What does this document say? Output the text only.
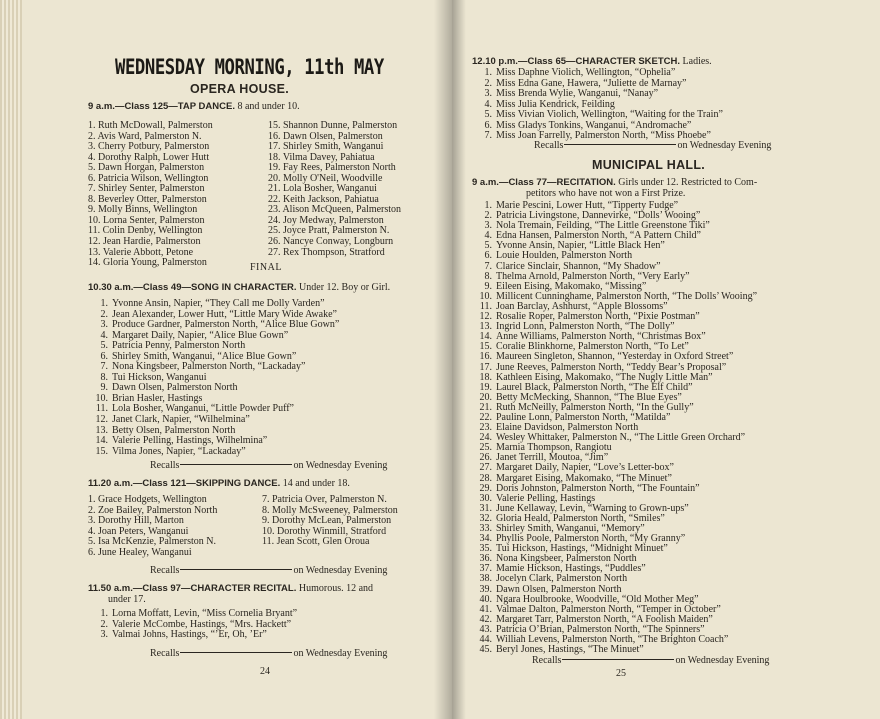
WEDNESDAY MORNING, 11th MAY
OPERA HOUSE.
9 a.m.—Class 125—TAP DANCE. 8 and under 10.
1. Ruth McDowall, Palmerston
2. Avis Ward, Palmerston N.
3. Cherry Potbury, Palmerston
4. Dorothy Ralph, Lower Hutt
5. Dawn Horgan, Palmerston
6. Patricia Wilson, Wellington
7. Shirley Senter, Palmerston
8. Beverley Otter, Palmerston
9. Molly Binns, Wellington
10. Lorna Senter, Palmerston
11. Colin Denby, Wellington
12. Jean Hardie, Palmerston
13. Valerie Abbott, Petone
14. Gloria Young, Palmerston
15. Shannon Dunne, Palmerston
16. Dawn Olsen, Palmerston
17. Shirley Smith, Wanganui
18. Vilma Davey, Pahiatua
19. Fay Rees, Palmerston North
20. Molly O'Neil, Woodville
21. Lola Bosher, Wanganui
22. Keith Jackson, Pahiatua
23. Alison McQueen, Palmerston
24. Joy Medway, Palmerston
25. Joyce Pratt, Palmerston N.
26. Nancye Conway, Longburn
27. Rex Thompson, Stratford
FINAL
10.30 a.m.—Class 49—SONG IN CHARACTER. Under 12. Boy or Girl.
1. Yvonne Ansin, Napier, “They Call me Dolly Varden”
2. Jean Alexander, Lower Hutt, “Little Mary Wide Awake”
3. Produce Gardner, Palmerston North, “Alice Blue Gown”
4. Margaret Daily, Napier, “Alice Blue Gown”
5. Patricia Penny, Palmerston North
6. Shirley Smith, Wanganui, “Alice Blue Gown”
7. Nona Kingsbeer, Palmerston North, “Lackaday”
8. Tui Hickson, Wanganui
9. Dawn Olsen, Palmerston North
10. Brian Hasler, Hastings
11. Lola Bosher, Wanganui, “Little Powder Puff”
12. Janet Clark, Napier, “Wilhelmina”
13. Betty Olsen, Palmerston North
14. Valerie Pelling, Hastings, Wilhelmina”
15. Vilma Jones, Napier, “Lackaday”
Recalls	on Wednesday Evening
11.20 a.m.—Class 121—SKIPPING DANCE. 14 and under 18.
1. Grace Hodgets, Wellington
2. Zoe Bailey, Palmerston North
3. Dorothy Hill, Marton
4. Joan Peters, Wanganui
5. Isa McKenzie, Palmerston N.
6. June Healey, Wanganui
7. Patricia Over, Palmerston N.
8. Molly McSweeney, Palmerston
9. Dorothy McLean, Palmerston
10. Dorothy Winmill, Stratford
11. Jean Scott, Glen Oroua
Recalls	on Wednesday Evening
11.50 a.m.—Class 97—CHARACTER RECITAL. Humorous. 12 and
under 17.
1. Lorna Moffatt, Levin, “Miss Cornelia Bryant”
2. Valerie McCombe, Hastings, “Mrs. Hackett”
3. Valmai Johns, Hastings, “’Er, Oh, ’Er”
Recalls	on Wednesday Evening
24
12.10 p.m.—Class 65—CHARACTER SKETCH. Ladies.
1. Miss Daphne Violich, Wellington, “Ophelia”
2. Miss Edna Gane, Hawera, “Juliette de Marnay”
3. Miss Brenda Wylie, Wanganui, “Nanay”
4. Miss Julia Kendrick, Feilding
5. Miss Vivian Violich, Wellington, “Waiting for the Train”
6. Miss Gladys Tonkins, Wanganui, “Andromache”
7. Miss Joan Farrelly, Palmerston North, “Miss Phoebe”
Recalls	on Wednesday Evening
MUNICIPAL HALL.
9 a.m.—Class 77—RECITATION. Girls under 12. Restricted to Com-
petitors who have not won a First Prize.
1. Marie Pescini, Lower Hutt, “Tipperty Fudge”
2. Patricia Livingstone, Dannevirke, “Dolls’ Wooing”
3. Nola Tremain, Feilding, “The Little Greenstone Tiki”
4. Edna Hansen, Palmerston North, “A Pattern Child”
5. Yvonne Ansin, Napier, “Little Black Hen”
6. Louie Houlden, Palmerston North
7. Clarice Sinclair, Shannon, “My Shadow”
8. Thelma Arnold, Palmerston North, “Very Early”
9. Eileen Eising, Makomako, “Missing”
10. Millicent Cunninghame, Palmerston North, “The Dolls’ Wooing”
11. Joan Barclay, Ashhurst, “Apple Blossoms”
12. Rosalie Roper, Palmerston North, “Pixie Postman”
13. Ingrid Lonn, Palmerston North, “The Dolly”
14. Anne Williams, Palmerston North, “Christmas Box”
15. Coralie Blinkhorne, Palmerston North, “To Let”
16. Maureen Singleton, Shannon, “Yesterday in Oxford Street”
17. June Reeves, Palmerston North, “Teddy Bear’s Proposal”
18. Kathleen Eising, Makomako, “The Nugly Little Man”
19. Laurel Black, Palmerston North, “The Elf Child”
20. Betty McMecking, Shannon, “The Blue Eyes”
21. Ruth McNeilly, Palmerston North, “In the Gully”
22. Pauline Lonn, Palmerston North, “Matilda”
23. Elaine Davidson, Palmerston North
24. Wesley Whittaker, Palmerston N., “The Little Green Orchard”
25. Marnia Thompson, Rangiotu
26. Janet Terrill, Moutoa, “Jim”
27. Margaret Daily, Napier, “Love’s Letter-box”
28. Margaret Eising, Makomako, “The Minuet”
29. Doris Johnston, Palmerston North, “The Fountain”
30. Valerie Pelling, Hastings
31. June Kellaway, Levin, “Warning to Grown-ups”
32. Gloria Heald, Palmerston North, “Smiles”
33. Shirley Smith, Wanganui, “Memory”
34. Phyllis Poole, Palmerston North, “My Granny”
35. Tui Hickson, Hastings, “Midnight Minuet”
36. Nona Kingsbeer, Palmerston North
37. Mamie Hickson, Hastings, “Puddles”
38. Jocelyn Clark, Palmerston North
39. Dawn Olsen, Palmerston North
40. Ngara Houlbrooke, Woodville, “Old Mother Meg”
41. Valmae Dalton, Palmerston North, “Temper in October”
42. Margaret Tarr, Palmerston North, “A Foolish Maiden”
43. Patricia O’Brian, Palmerston North, “The Spinners”
44. Williah Levens, Palmerston North, “The Brighton Coach”
45. Beryl Jones, Hastings, “The Minuet”
Recalls	on Wednesday Evening
25
